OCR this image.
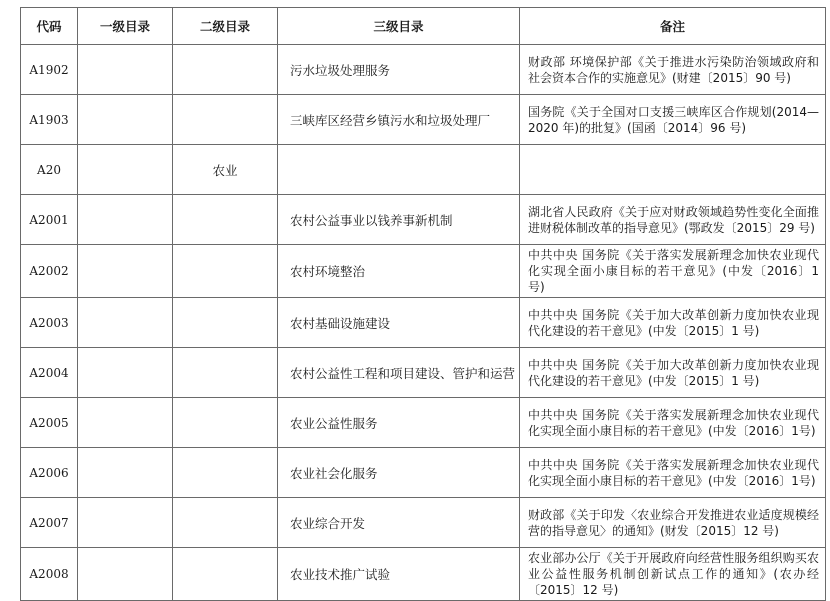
代码	一级目录	二级目录	三级目录	备注
A1902			污水垃圾处理服务	财政部 环境保护部《关于推进水污染防治领域政府和社会资本合作的实施意见》(财建〔2015〕90 号)
A1903			三峡库区经营乡镇污水和垃圾处理厂	国务院《关于全国对口支援三峡库区合作规划(2014—2020 年)的批复》(国函〔2014〕96 号)
A20		农业		
A2001			农村公益事业以钱养事新机制	湖北省人民政府《关于应对财政领域趋势性变化全面推进财税体制改革的指导意见》(鄂政发〔2015〕29 号)
A2002			农村环境整治	中共中央 国务院《关于落实发展新理念加快农业现代化实现全面小康目标的若干意见》(中发〔2016〕1 号)
A2003			农村基础设施建设	中共中央 国务院《关于加大改革创新力度加快农业现代化建设的若干意见》(中发〔2015〕1 号)
A2004			农村公益性工程和项目建设、管护和运营	中共中央 国务院《关于加大改革创新力度加快农业现代化建设的若干意见》(中发〔2015〕1 号)
A2005			农业公益性服务	中共中央 国务院《关于落实发展新理念加快农业现代化实现全面小康目标的若干意见》(中发〔2016〕1号)
A2006			农业社会化服务	中共中央 国务院《关于落实发展新理念加快农业现代化实现全面小康目标的若干意见》(中发〔2016〕1号)
A2007			农业综合开发	财政部《关于印发〈农业综合开发推进农业适度规模经营的指导意见〉的通知》(财发〔2015〕12 号)
A2008			农业技术推广试验	农业部办公厅《关于开展政府向经营性服务组织购买农业公益性服务机制创新试点工作的通知》(农办经〔2015〕12 号)
